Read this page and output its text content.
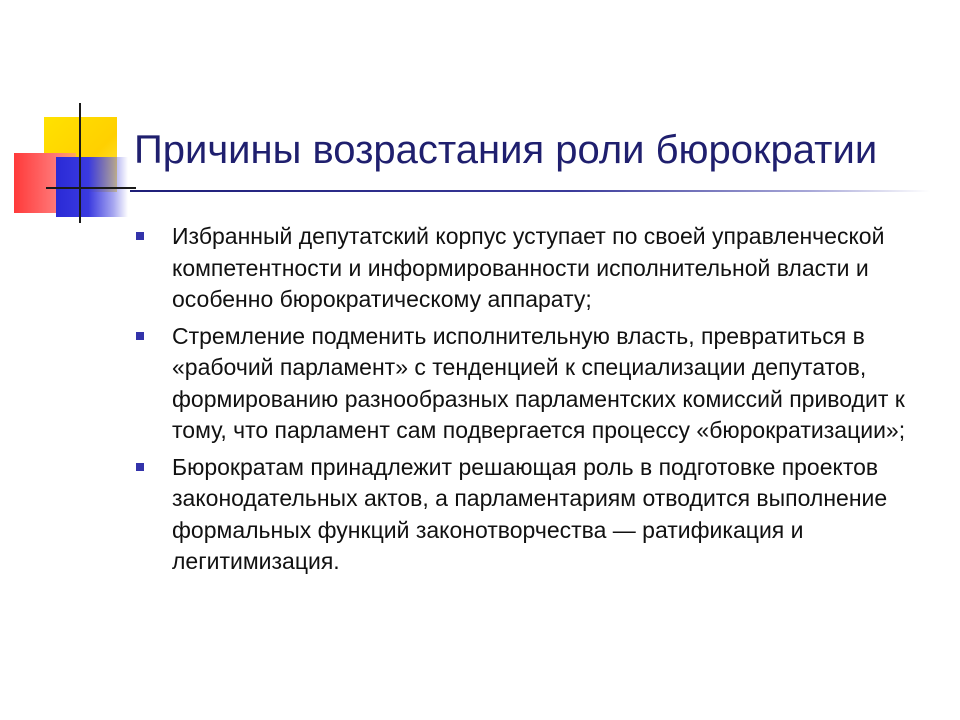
Причины возрастания роли бюрократии
Избранный депутатский корпус уступает по своей управленческой компетентности и информированности исполнительной власти и особенно бюрократическому аппарату;
Стремление подменить исполнительную власть, превратиться в «рабочий парламент» с тенденцией к специализации депутатов, формированию разнообразных парламентских комиссий приводит к тому, что парламент сам подвергается процессу «бюрократизации»;
Бюрократам принадлежит решающая роль в подготовке проектов законодательных актов, а парламентариям отводится выполнение формальных функций законотворчества — ратификация и легитимизация.
